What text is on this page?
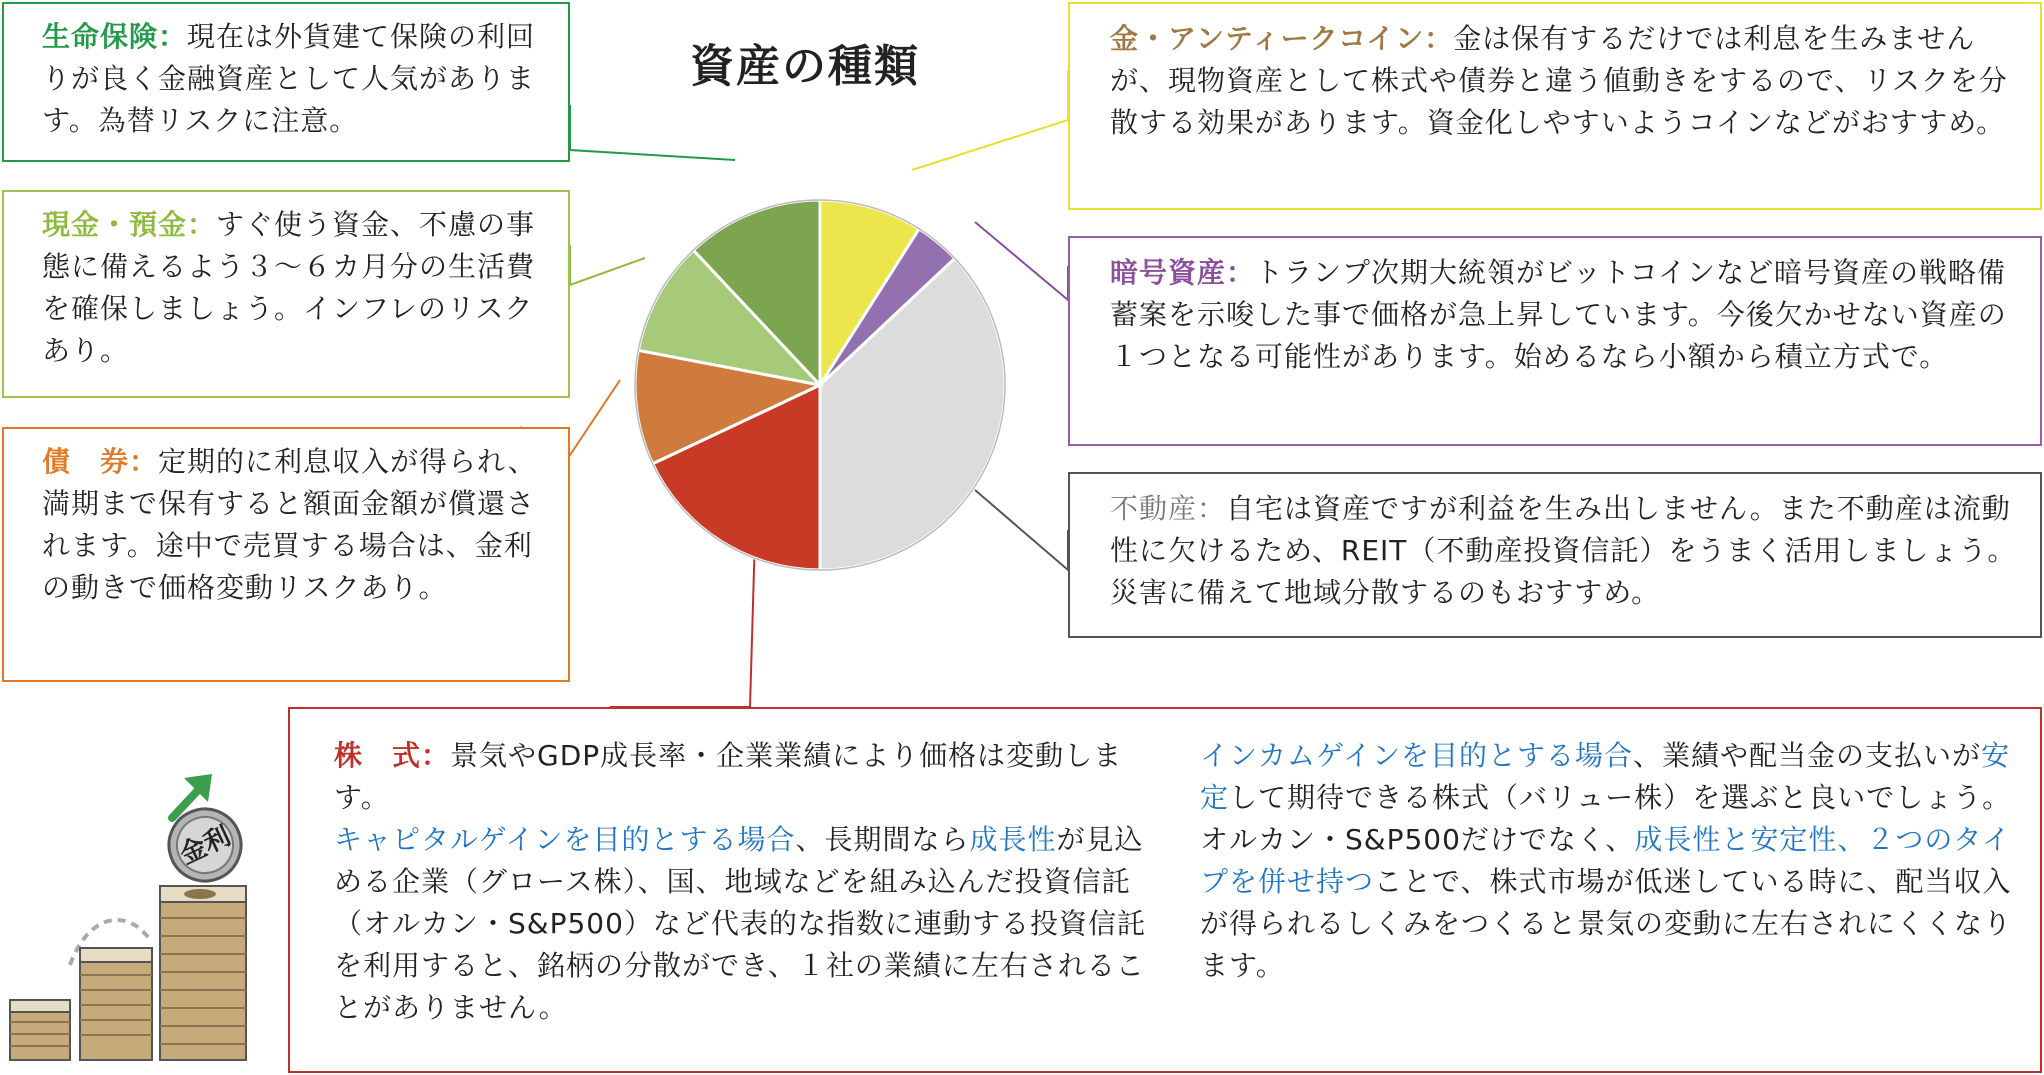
資産の種類
生命保険：現在は外貨建て保険の利回りが良く金融資産として人気があります。為替リスクに注意。
現金・預金：すぐ使う資金、不慮の事態に備えるよう３〜６カ月分の生活費を確保しましょう。インフレのリスクあり。
債　券：定期的に利息収入が得られ、満期まで保有すると額面金額が償還されます。途中で売買する場合は、金利の動きで価格変動リスクあり。
金・アンティークコイン：金は保有するだけでは利息を生みませんが、現物資産として株式や債券と違う値動きをするので、リスクを分散する効果があります。資金化しやすいようコインなどがおすすめ。
暗号資産：トランプ次期大統領がビットコインなど暗号資産の戦略備蓄案を示唆した事で価格が急上昇しています。今後欠かせない資産の１つとなる可能性があります。始めるなら小額から積立方式で。
不動産：自宅は資産ですが利益を生み出しません。また不動産は流動性に欠けるため、REIT（不動産投資信託）をうまく活用しましょう。災害に備えて地域分散するのもおすすめ。
株　式：景気やGDP成長率・企業業績により価格は変動します。
キャピタルゲインを目的とする場合、長期間なら成長性が見込める企業（グロース株）、国、地域などを組み込んだ投資信託（オルカン・S&P500）など代表的な指数に連動する投資信託を利用すると、銘柄の分散ができ、１社の業績に左右されることがありません。
インカムゲインを目的とする場合、業績や配当金の支払いが安定して期待できる株式（バリュー株）を選ぶと良いでしょう。
オルカン・S&P500だけでなく、成長性と安定性、２つのタイプを併せ持つことで、株式市場が低迷している時に、配当収入が得られるしくみをつくると景気の変動に左右されにくくなります。
金利
